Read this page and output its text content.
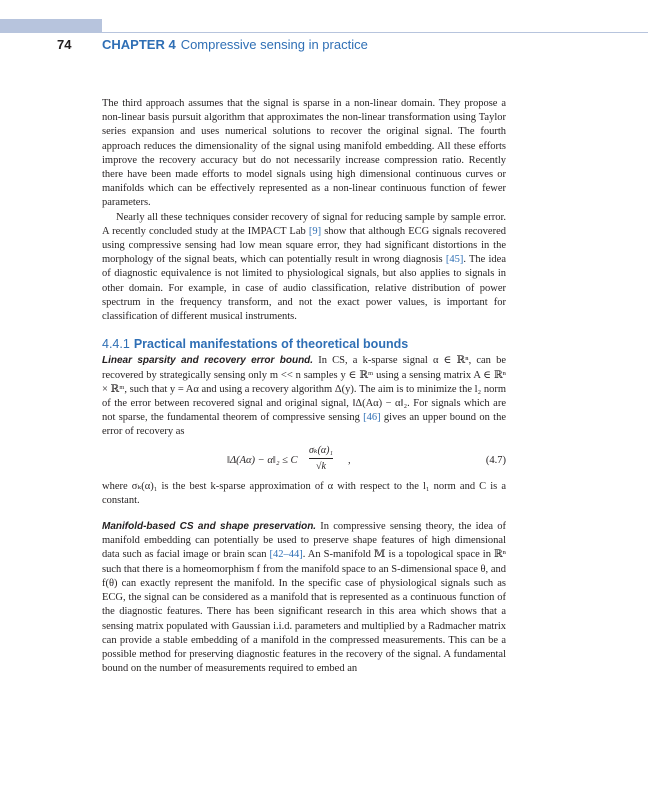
74 CHAPTER 4 Compressive sensing in practice

The third approach assumes that the signal is sparse in a non-linear domain. They propose a non-linear basis pursuit algorithm that approximates the non-linear transformation using Taylor series expansion and uses numerical solutions to recover the original signal. The fourth approach reduces the dimensionality of the signal using manifold embedding. All these efforts improve the recovery accuracy but do not necessarily increase compression ratio. Recently there have been made efforts to model signals using high dimensional continuous curves or manifolds which can be effectively represented as a non-linear continuous function of fewer parameters.

Nearly all these techniques consider recovery of signal for reducing sample by sample error. A recently concluded study at the IMPACT Lab [9] show that although ECG signals recovered using compressive sensing had low mean square error, they had significant distortions in the morphology of the signal beats, which can potentially result in wrong diagnosis [45]. The idea of diagnostic equivalence is not limited to physiological signals, but also applies to signals in other domain. For example, in case of audio classification, relative distribution of power spectrum in the frequency transform, and not the exact power values, is important for classification of different musical instruments.

4.4.1 Practical manifestations of theoretical bounds

Linear sparsity and recovery error bound. In CS, a k-sparse signal α ∈ ℝⁿ, can be recovered by strategically sensing only m << n samples y ∈ ℝᵐ using a sensing matrix A ∈ ℝⁿ × ℝᵐ, such that y = Aα and using a recovery algorithm Δ(y). The aim is to minimize the l₂ norm of the error between recovered signal and original signal, ‖Δ(Aα) − α‖₂. For signals which are not sparse, the fundamental theorem of compressive sensing [46] gives an upper bound on the error of recovery as

‖Δ(Aα) − α‖₂ ≤ C
σₖ(α)₁
√k
,	(4.7)

where σₖ(α)₁ is the best k-sparse approximation of α with respect to the l₁ norm and C is a constant.

Manifold-based CS and shape preservation. In compressive sensing theory, the idea of manifold embedding can potentially be used to preserve shape features of high dimensional data such as facial image or brain scan [42–44]. An S-manifold 𝕄 is a topological space in ℝⁿ such that there is a homeomorphism f from the manifold space to an S-dimensional space θ, and f(θ) can exactly represent the manifold. In the specific case of physiological signals such as ECG, the signal can be considered as a manifold that is represented as a continuous function of the diagnostic features. There has been significant research in this area which shows that a sensing matrix populated with Gaussian i.i.d. parameters and multiplied by a Radmacher matrix can provide a stable embedding of a manifold in the compressed measurements. This can be a possible method for preserving diagnostic features in the recovery of the signal. A fundamental bound on the number of measurements required to embed an
